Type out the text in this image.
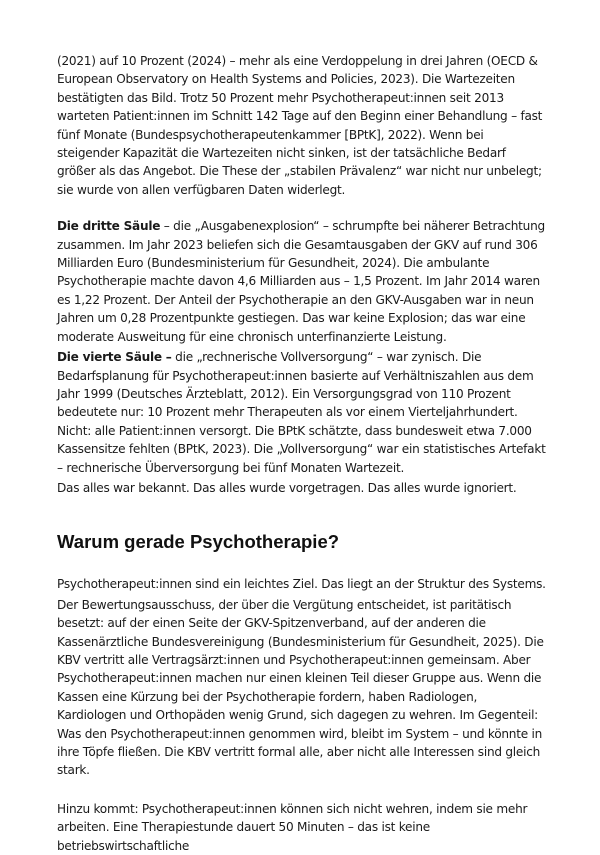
(2021) auf 10 Prozent (2024) – mehr als eine Verdoppelung in drei Jahren (OECD & European Observatory on Health Systems and Policies, 2023). Die Wartezeiten bestätigten das Bild. Trotz 50 Prozent mehr Psychotherapeut:innen seit 2013 warteten Patient:innen im Schnitt 142 Tage auf den Beginn einer Behandlung – fast fünf Monate (Bundespsychotherapeutenkammer [BPtK], 2022). Wenn bei steigender Kapazität die Wartezeiten nicht sinken, ist der tatsächliche Bedarf größer als das Angebot. Die These der „stabilen Prävalenz“ war nicht nur unbelegt; sie wurde von allen verfügbaren Daten widerlegt.

Die dritte Säule – die „Ausgabenexplosion“ – schrumpfte bei näherer Betrachtung zusammen. Im Jahr 2023 beliefen sich die Gesamtausgaben der GKV auf rund 306 Milliarden Euro (Bundesministerium für Gesundheit, 2024). Die ambulante Psychotherapie machte davon 4,6 Milliarden aus – 1,5 Prozent. Im Jahr 2014 waren es 1,22 Prozent. Der Anteil der Psychotherapie an den GKV-Ausgaben war in neun Jahren um 0,28 Prozentpunkte gestiegen. Das war keine Explosion; das war eine moderate Ausweitung für eine chronisch unterfinanzierte Leistung.

Die vierte Säule – die „rechnerische Vollversorgung“ – war zynisch. Die Bedarfsplanung für Psychotherapeut:innen basierte auf Verhältniszahlen aus dem Jahr 1999 (Deutsches Ärzteblatt, 2012). Ein Versorgungsgrad von 110 Prozent bedeutete nur: 10 Prozent mehr Therapeuten als vor einem Vierteljahrhundert. Nicht: alle Patient:innen versorgt. Die BPtK schätzte, dass bundesweit etwa 7.000 Kassensitze fehlten (BPtK, 2023). Die „Vollversorgung“ war ein statistisches Artefakt – rechnerische Überversorgung bei fünf Monaten Wartezeit.

Das alles war bekannt. Das alles wurde vorgetragen. Das alles wurde ignoriert.

Warum gerade Psychotherapie?

Psychotherapeut:innen sind ein leichtes Ziel. Das liegt an der Struktur des Systems.

Der Bewertungsausschuss, der über die Vergütung entscheidet, ist paritätisch besetzt: auf der einen Seite der GKV-Spitzenverband, auf der anderen die Kassenärztliche Bundesvereinigung (Bundesministerium für Gesundheit, 2025). Die KBV vertritt alle Vertragsärzt:innen und Psychotherapeut:innen gemeinsam. Aber Psychotherapeut:innen machen nur einen kleinen Teil dieser Gruppe aus. Wenn die Kassen eine Kürzung bei der Psychotherapie fordern, haben Radiologen, Kardiologen und Orthopäden wenig Grund, sich dagegen zu wehren. Im Gegenteil: Was den Psychotherapeut:innen genommen wird, bleibt im System – und könnte in ihre Töpfe fließen. Die KBV vertritt formal alle, aber nicht alle Interessen sind gleich stark.

Hinzu kommt: Psychotherapeut:innen können sich nicht wehren, indem sie mehr arbeiten. Eine Therapiestunde dauert 50 Minuten – das ist keine betriebswirtschaftliche
